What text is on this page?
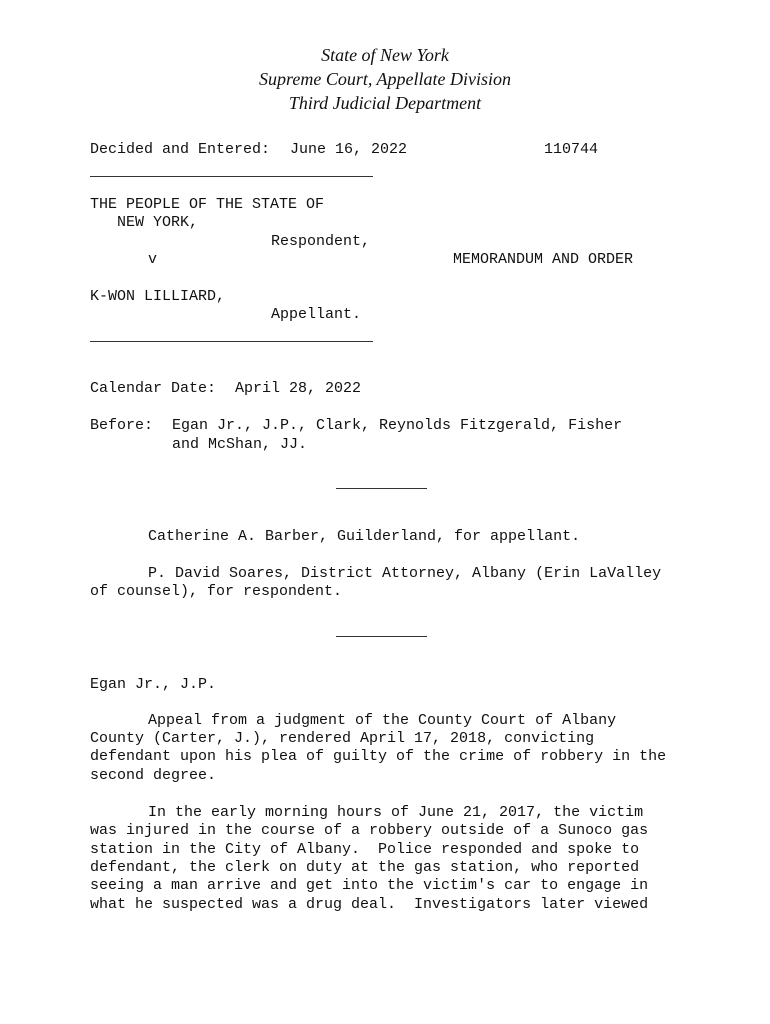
State of New York
Supreme Court, Appellate Division
Third Judicial Department
Decided and Entered: June 16, 2022	110744
THE PEOPLE OF THE STATE OF
NEW YORK,
Respondent,
v	MEMORANDUM AND ORDER
K-WON LILLIARD,
Appellant.
Calendar Date: April 28, 2022
Before: Egan Jr., J.P., Clark, Reynolds Fitzgerald, Fisher
and McShan, JJ.
Catherine A. Barber, Guilderland, for appellant.
P. David Soares, District Attorney, Albany (Erin LaValley
of counsel), for respondent.
Egan Jr., J.P.
Appeal from a judgment of the County Court of Albany
County (Carter, J.), rendered April 17, 2018, convicting
defendant upon his plea of guilty of the crime of robbery in the
second degree.
In the early morning hours of June 21, 2017, the victim
was injured in the course of a robbery outside of a Sunoco gas
station in the City of Albany.  Police responded and spoke to
defendant, the clerk on duty at the gas station, who reported
seeing a man arrive and get into the victim's car to engage in
what he suspected was a drug deal.  Investigators later viewed
